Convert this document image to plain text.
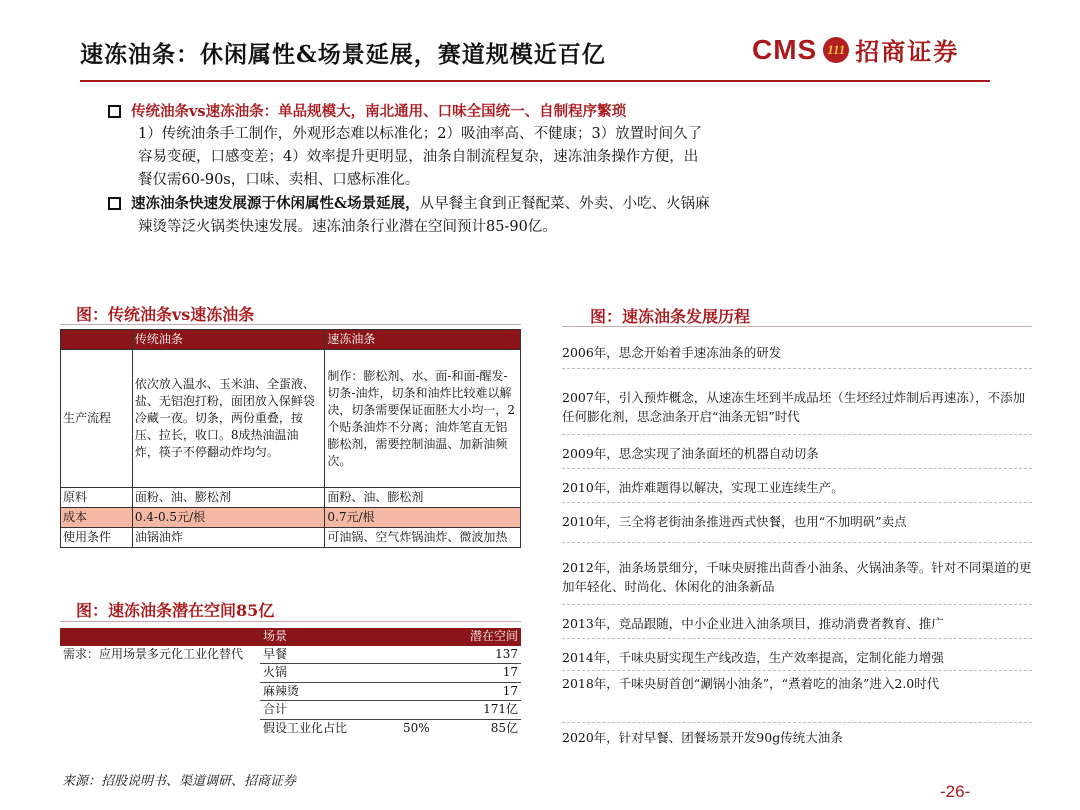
速冻油条：休闲属性&场景延展，赛道规模近百亿	CMS 111 招商证券
传统油条vs速冻油条：单品规模大，南北通用、口味全国统一、自制程序繁琐
1）传统油条手工制作，外观形态难以标准化；2）吸油率高、不健康；3）放置时间久了
容易变硬，口感变差；4）效率提升更明显，油条自制流程复杂，速冻油条操作方便，出
餐仅需60-90s，口味、卖相、口感标准化。
速冻油条快速发展源于休闲属性&场景延展，从早餐主食到正餐配菜、外卖、小吃、火锅麻
辣烫等泛火锅类快速发展。速冻油条行业潜在空间预计85-90亿。
图：传统油条vs速冻油条
	传统油条	速冻油条
生产流程	依次放入温水、玉米油、全蛋液、盐、无铝泡打粉，面团放入保鲜袋冷藏一夜。切条，两份重叠，按压、拉长，收口。8成热油温油炸，筷子不停翻动炸均匀。	制作：膨松剂、水、面-和面-醒发-切条-油炸，切条和油炸比较难以解决，切条需要保证面胚大小均一，2个贴条油炸不分离；油炸笔直无铝膨松剂，需要控制油温、加新油频次。
原料	面粉、油、膨松剂	面粉、油、膨松剂
成本	0.4-0.5元/根	0.7元/根
使用条件	油锅油炸	可油锅、空气炸锅油炸、微波加热
图：速冻油条潜在空间85亿
	场景		潜在空间
需求：应用场景多元化工业化替代	早餐		137
	火锅		17
	麻辣烫		17
	合计		171亿
	假设工业化占比	50%	85亿
图：速冻油条发展历程
2006年，思念开始着手速冻油条的研发
2007年，引入预炸概念，从速冻生坯到半成品坯（生坯经过炸制后再速冻），不添加任何膨化剂，思念油条开启“油条无铝”时代
2009年，思念实现了油条面坯的机器自动切条
2010年，油炸难题得以解决，实现工业连续生产。
2010年，三全将老街油条推进西式快餐，也用“不加明矾”卖点
2012年，油条场景细分，千味央厨推出茴香小油条、火锅油条等。针对不同渠道的更加年轻化、时尚化、休闲化的油条新品
2013年，竞品跟随，中小企业进入油条项目，推动消费者教育、推广
2014年，千味央厨实现生产线改造，生产效率提高，定制化能力增强
2018年，千味央厨首创“涮锅小油条”，“煮着吃的油条”进入2.0时代
2020年，针对早餐、团餐场景开发90g传统大油条
来源：招股说明书、渠道调研、招商证券
-26-
